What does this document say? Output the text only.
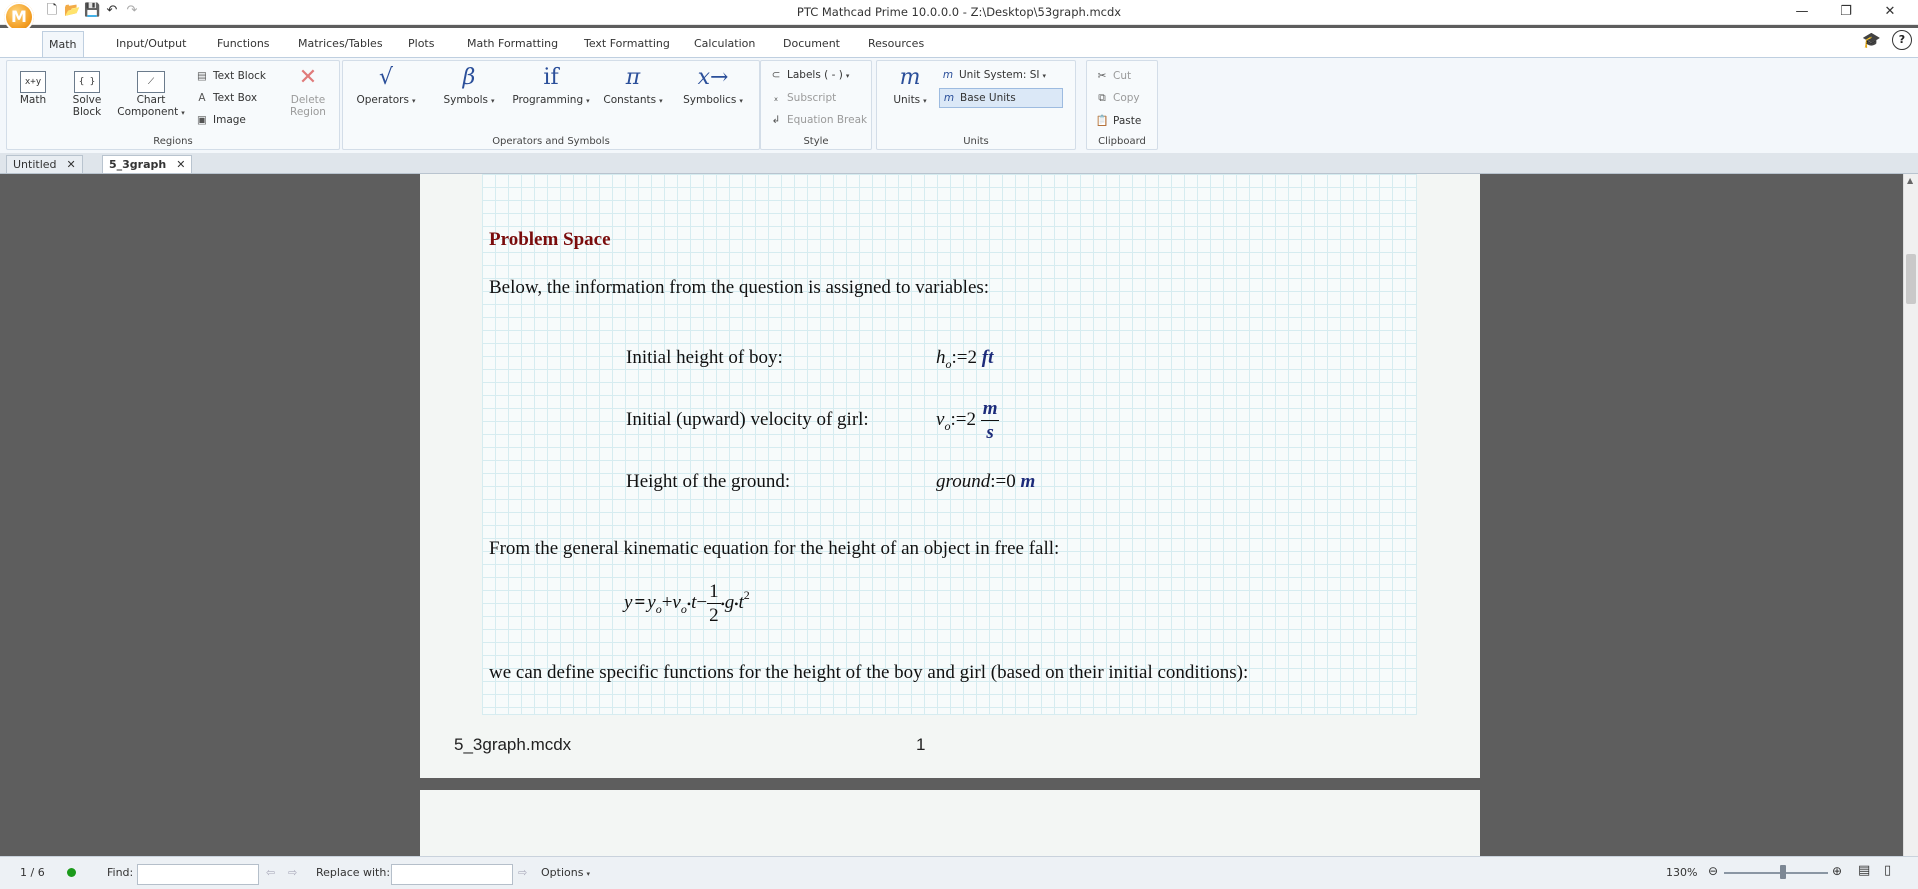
M	🗋 📂 💾 ↶ ↷	PTC Mathcad Prime 10.0.0.0 - Z:\Desktop\53graph.mcdx	—	❐	✕
Math	Input/Output	Functions	Matrices/Tables	Plots	Math Formatting	Text Formatting	Calculation	Document	Resources	🎓	?
x+y
Math
{ }
Solve
Block
⟋
Chart
Component ▾
▤ Text Block
A Text Box
▣ Image
✕
Delete
Region
Regions
√
Operators ▾
β
Symbols ▾
if
Programming ▾
π
Constants ▾
x→
Symbolics ▾
Operators and Symbols
⊂ Labels ( - ) ▾
ₓ Subscript
↲ Equation Break
Style
m
Units ▾
m Unit System: SI ▾
m Base Units
Units
✂ Cut
⧉ Copy
📋 Paste
Clipboard
Untitled ✕	5_3graph ✕
Problem Space
Below, the information from the question is assigned to variables:
Initial height of boy:	$h_o:=2$ ft
Initial (upward) velocity of girl:	$v_o:=2 \frac{m}{s}$
Height of the ground:	ground:=0 m
From the general kinematic equation for the height of an object in free fall:
$y = y_o+v_o•t- \frac{1}{2}$ $•g•t^2$
we can define specific functions for the height of the boy and girl (based on their initial conditions):
5_3graph.mcdx	1
▲
1 / 6	Find:	⇦ ⇨ Replace with:	⇨ Options ▾	130% ⊖	⊕ ▤ ▯
